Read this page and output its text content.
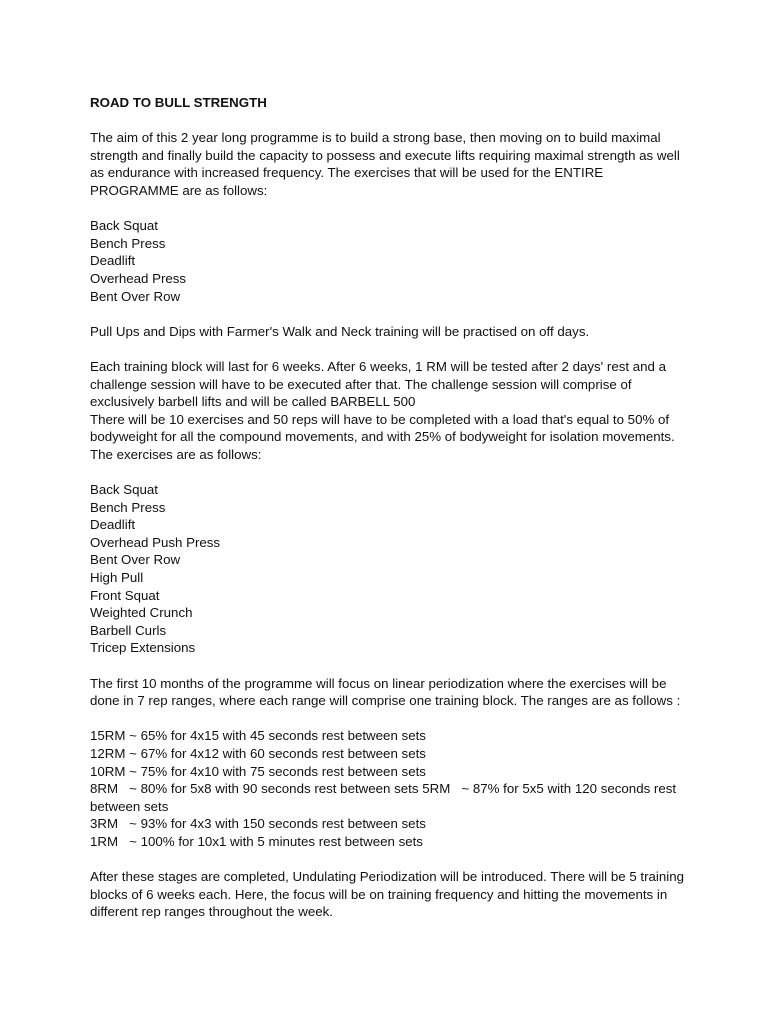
ROAD TO BULL STRENGTH
The aim of this 2 year long programme is to build a strong base, then moving on to build maximal strength and finally build the capacity to possess and execute lifts requiring maximal strength as well as endurance with increased frequency. The exercises that will be used for the ENTIRE PROGRAMME are as follows:
Back Squat
Bench Press
Deadlift
Overhead Press
Bent Over Row
Pull Ups and Dips with Farmer's Walk and Neck training will be practised on off days.
Each training block will last for 6 weeks. After 6 weeks, 1 RM will be tested after 2 days' rest and a challenge session will have to be executed after that. The challenge session will comprise of exclusively barbell lifts and will be called BARBELL 500
There will be 10 exercises and 50 reps will have to be completed with a load that's equal to 50% of bodyweight for all the compound movements, and with 25% of bodyweight for isolation movements. The exercises are as follows:
Back Squat
Bench Press
Deadlift
Overhead Push Press
Bent Over Row
High Pull
Front Squat
Weighted Crunch
Barbell Curls
Tricep Extensions
The first 10 months of the programme will focus on linear periodization where the exercises will be done in 7 rep ranges, where each range will comprise one training block. The ranges are as follows :
15RM ~ 65% for 4x15 with 45 seconds rest between sets
12RM ~ 67% for 4x12 with 60 seconds rest between sets
10RM ~ 75% for 4x10 with 75 seconds rest between sets
8RM   ~ 80% for 5x8 with 90 seconds rest between sets 5RM   ~ 87% for 5x5 with 120 seconds rest between sets
3RM   ~ 93% for 4x3 with 150 seconds rest between sets
1RM   ~ 100% for 10x1 with 5 minutes rest between sets
After these stages are completed, Undulating Periodization will be introduced. There will be 5 training blocks of 6 weeks each. Here, the focus will be on training frequency and hitting the movements in different rep ranges throughout the week.
